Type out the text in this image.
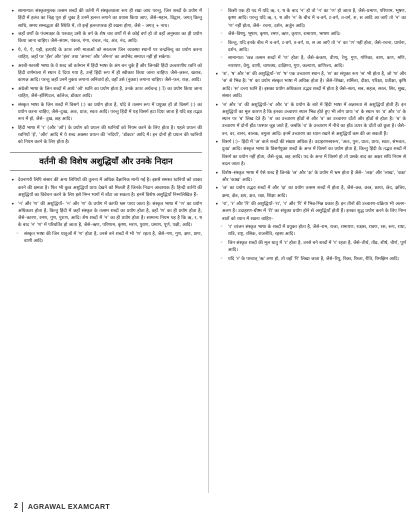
• सामान्यतः संस्कृतमूलक तत्सम शब्दों की वर्तनी में संस्कृतवाला रूप ही रखा जाय परन्तु, जिन शब्दों के प्रयोग में हिंदी में हलंत का चिह्न पूरा हो चुका है उनमें हलन्त लगाने का प्रयास किया जाए, जैसे–महान, विद्वान, जगत् किन्तु साथि, समय सम्बद्धता की स्थिति में, तो इन्हें हलन्तपरक ही रखना होगा, जैसे – जगत् + नाथ।

• जहाँ वर्णों के पंचमाक्षर के पश्चात् उसी के वर्ग के शेष चार वर्णों में से कोई वर्ण हो तो वहाँ अनुस्वार का ही प्रयोग किया जाना चाहिए। जैसे–संयम, पंकज, गंगा, चंचल, नंद, अंत, नंद, आदि।

• ये, ये, ऐ, यही, इत्यादि के ऊपर लगी मात्राओं को सरलतम जिन व्यवस्था स्थानों पर चन्द्रबिन्दु का प्रयोग करना चाहिए, जहाँ पर 'हँस' और 'हंस' तथा 'अंगना' और 'अँगना' का अर्थभेद समाप्त नहीं हो सकेगा।

• अरबी-फारसी भाषा के वे शब्द जो वर्तमान में हिंदी भाषा के अंग बन चुके हैं और जिनकी हिंदी उच्चारणीय ध्वनि को हिंदी वर्णमाला में स्थान दे दिया गया है, उन्हें हिंदी रूप में ही स्वीकार किया जाना चाहिए। जैसे–ज़रूर, खराब, कागज़ आदि। परन्तु जहाँ उनमें नुक्ता लगाना अनिवार्य हो, वहाँ उसे (नुक्ता) लगाना चाहिए। जैसे–फ़न, राज़, आदि।

• अंग्रेजी भाषा के जिन शब्दों में आधे 'ओ' ध्वनि का प्रयोग होता है, उनके ऊपर अर्धचन्द्र (ॉ) का प्रयोग किया जाना चाहिए, जैसे–हॉस्पिटल, कॉलेज, डॉक्टर आदि।

• संस्कृत भाषा के जिन शब्दों में विसर्ग (:) का प्रयोग होता है, यदि वे तत्सम रूप में प्रयुक्त हों तो विसर्ग (:) का प्रयोग करना चाहिए, जैसे–दुःख, अतः, प्रातः, स्वतः आदि। परन्तु हिंदी में यह विसर्ग हटा दिया जाता है यदि वह तद्भव रूप में हो, जैसे– दुख, छह आदि।

• हिंदी भाषा में 'र' (और 'ओ') के प्रयोग को प्रयत्न की ध्वनियों को नियम करने के लिए होता है। पहले प्रयत्न की ध्वनियों 'ई', 'और' आदि में ये शब्द अक्सर प्रयत्न की 'नदियों', 'डॉक्टर' आदि में। इन दोनों ही प्रयत्न की ध्वनियों को नियम करने के लिए होता है।

वर्तनी की विशेष अशुद्धियाँ और उनके निदान

• देवनागरी लिपि संसार की अन्य लिपियों की तुलना में अधिक वैज्ञानिक मानी गई है। इसमें समस्त ध्वनियों को व्यक्त करने की क्षमता है। फिर भी कुछ अशुद्धियाँ प्रायः देखने को मिलती हैं जिनके निदान आवश्यक हैं। हिन्दी वर्तनी की अशुद्धियों का विवेचन करने के लिए इसे निम्न भागों में बाँटा जा सकता है। इनमें विशेष अशुद्धियाँ निम्नलिखित हैं–

• 'न' और 'ण' की अशुद्धियाँ– 'न' और 'ण' के प्रयोग में काफी भ्रम पाया जाता है। संस्कृत भाषा में 'ण' का प्रयोग अधिकतर होता है, किन्तु हिंदी में जहाँ संस्कृत के तत्सम शब्दों का प्रयोग होता है, वहाँ 'ण' का ही प्रयोग होता है, जैसे–कारण, रमण, गुण, पुराण, आदि। शेष शब्दों में 'न' का ही प्रयोग होता है। सामान्य नियम यह है कि ऋ, र, ष के बाद 'न' 'ण' में परिवर्तित हो जाता है, जैसे–ऋण, परिणाम, कृष्ण, मरण, पुराण, प्रमाण, पूर्ण, पक्षी, आदि।

◦ संस्कृत भाषा की जिन धातुओं में 'ण' होता है, उनसे बने शब्दों में भी 'ण' रहता है, जैसे–गण, गुण, क्षण, प्राण, वाणी आदि।

◦ किसी एक ही पद में यदि ऋ, र, ष के बाद 'न' हो तो 'न' का 'ण' हो जाता है, जैसे–प्रमाण, परिणाम, भूषण, कृष्ण आदि। परन्तु यदि ऋ, र, ष और 'न' के बीच में च-वर्ग, ट-वर्ग, त-वर्ग, श, स आदि आ जाएँ तो 'न' का 'ण' नहीं होता, जैसे– रचना, दर्शन, अर्जुन आदि।

◦ जैसे–विष्णु, भूषण, कृष्ण, रमण, ऋण, कृपण, रामायण, भाषण आदि।

◦ किन्तु, यदि इनके बीच में च-वर्ग, ट-वर्ग, त-वर्ग, श, स आ जाएँ तो 'न' का 'ण' नहीं होता, जैसे–रचना, प्रार्थना, दर्शन, आदि।

◦ सामान्यतः 'छन्न तत्सम शब्दों में 'ण' होता है, जैसे–कंकण, वीणा, रेणु, गुण, गणिका, बाण, कण, मणि, नारायण, वेणु, वाणी, चाणक्य, दाक्षिण्य, गुण, कल्याण, वाणिज्य, आदि।

• 'श', 'ष' और 'स' की अशुद्धियाँ–'श' 'ष' एक उच्चारण स्थान है, 'श' का संयुक्त रूप 'श्र' भी होता है, जो 'ष' और 'स' से भिन्न है। 'ष' का प्रयोग संस्कृत भाषा में अधिक होता है। जैसे–शिखा, शर्मिला, दीक्षा, परिक्षा, प्रतीक्षा, कृषि आदि। 'स' दन्त्य ध्वनि है। इसका प्रयोग अधिकतर तद्भव शब्दों में होता है जैसे–सत्य, सब, सहज, सरल, सिर, सुख, संसार आदि।

• 'ब' और 'व' की अशुद्धियाँ–'ब' और 'व' के प्रयोग के बारे में हिंदी भाषा में अज्ञानता से अशुद्धियाँ होती हैं। इन अशुद्धियों का मूल कारण है कि इनका उच्चारण स्थान भिन्न होते हुए भी लोग प्रायः 'ब' के स्थान पर 'व' और 'व' के स्थान पर 'ब' लिख देते हैं। 'ब' का उच्चारण होंठों से और 'व' का उच्चारण दाँतों और होंठों से होता है। 'ब' के उच्चारण में दोनों होंठ परस्पर जुड़ जाते हैं, जबकि 'व' के उच्चारण में नीचे का होंठ ऊपर के दाँतों को छूता है। जैसे–वन, वर, वानर, बालक, बगुला आदि। इनमें उच्चारण का ध्यान रखने से अशुद्धियाँ कम की जा सकती हैं।

• विसर्ग (:)– हिंदी में 'अ' वाले शब्दों की संख्या अधिक है। उदाहरणस्वरूप, 'अतः, पुनः, प्रातः, प्रायः, स्वतः, संभवतः, दुःख' आदि। संस्कृत भाषा के विसर्गयुक्त शब्दों के अन्त में विसर्ग का प्रयोग होता है, किन्तु हिंदी के तद्भव शब्दों में विसर्ग का प्रयोग नहीं होता, जैसे–दुख, छह आदि। पद के अन्त में विसर्ग हो तो उसके बाद का अक्षर संधि नियम से बदल जाता है।

• विशेष–संस्कृत भाषा में ऐसे शब्द हैं जिनके 'छ' और 'क्ष' के प्रयोग में भ्रम होता है जैसे– 'लक्ष' और 'लाख', 'कक्ष' और 'काख' आदि।

• 'छ' का प्रयोग तद्भव शब्दों में और 'क्ष' का प्रयोग तत्सम शब्दों में होता है, जैसे–छत्र, छात्र, छाया, छेद, क्षत्रिय, क्षमा, क्षेत्र, क्षय, क्षत, रक्षा, शिक्षा आदि।

• 'रा', 'र' और 'रि' की अशुद्धियाँ–'रा', 'र' और 'रि' में भिन्न-भिन्न प्रकार हैं। इन तीनों की उच्चारण-प्रक्रिया भी अलग-अलग है। उदाहरण–ग्रीष्म में 'री' का संयुक्त प्रयोग होने से अशुद्धियाँ होती हैं। इनका शुद्ध प्रयोग करने के लिए निम्न बातों को ध्यान में रखना चाहिए–

◦ 'र' व्यंजन संस्कृत भाषा के शब्दों में प्रयुक्त होता है, जैसे–राम, राजा, रामायण, राक्षस, रावण, रस, रूप, राधा, रात्रि, राष्ट्र, रसिक, राजनीति, रहस्य आदि।

◦ जिन संस्कृत शब्दों की मूल धातु में 'र' होता है, उनसे बने शब्दों में 'र' रहता है, जैसे–तीर्थ, तीव्र, शीर्ष, चीर्ण, पूर्ण आदि।

◦ यदि 'र' के पश्चात् 'ऋ' लगा हो, तो वहाँ 'रि' लिखा जाता है, जैसे–रिपु, रिक्त, रिश्ता, रीति, रिमझिम आदि।

2	AGRAWAL EXAMCART
